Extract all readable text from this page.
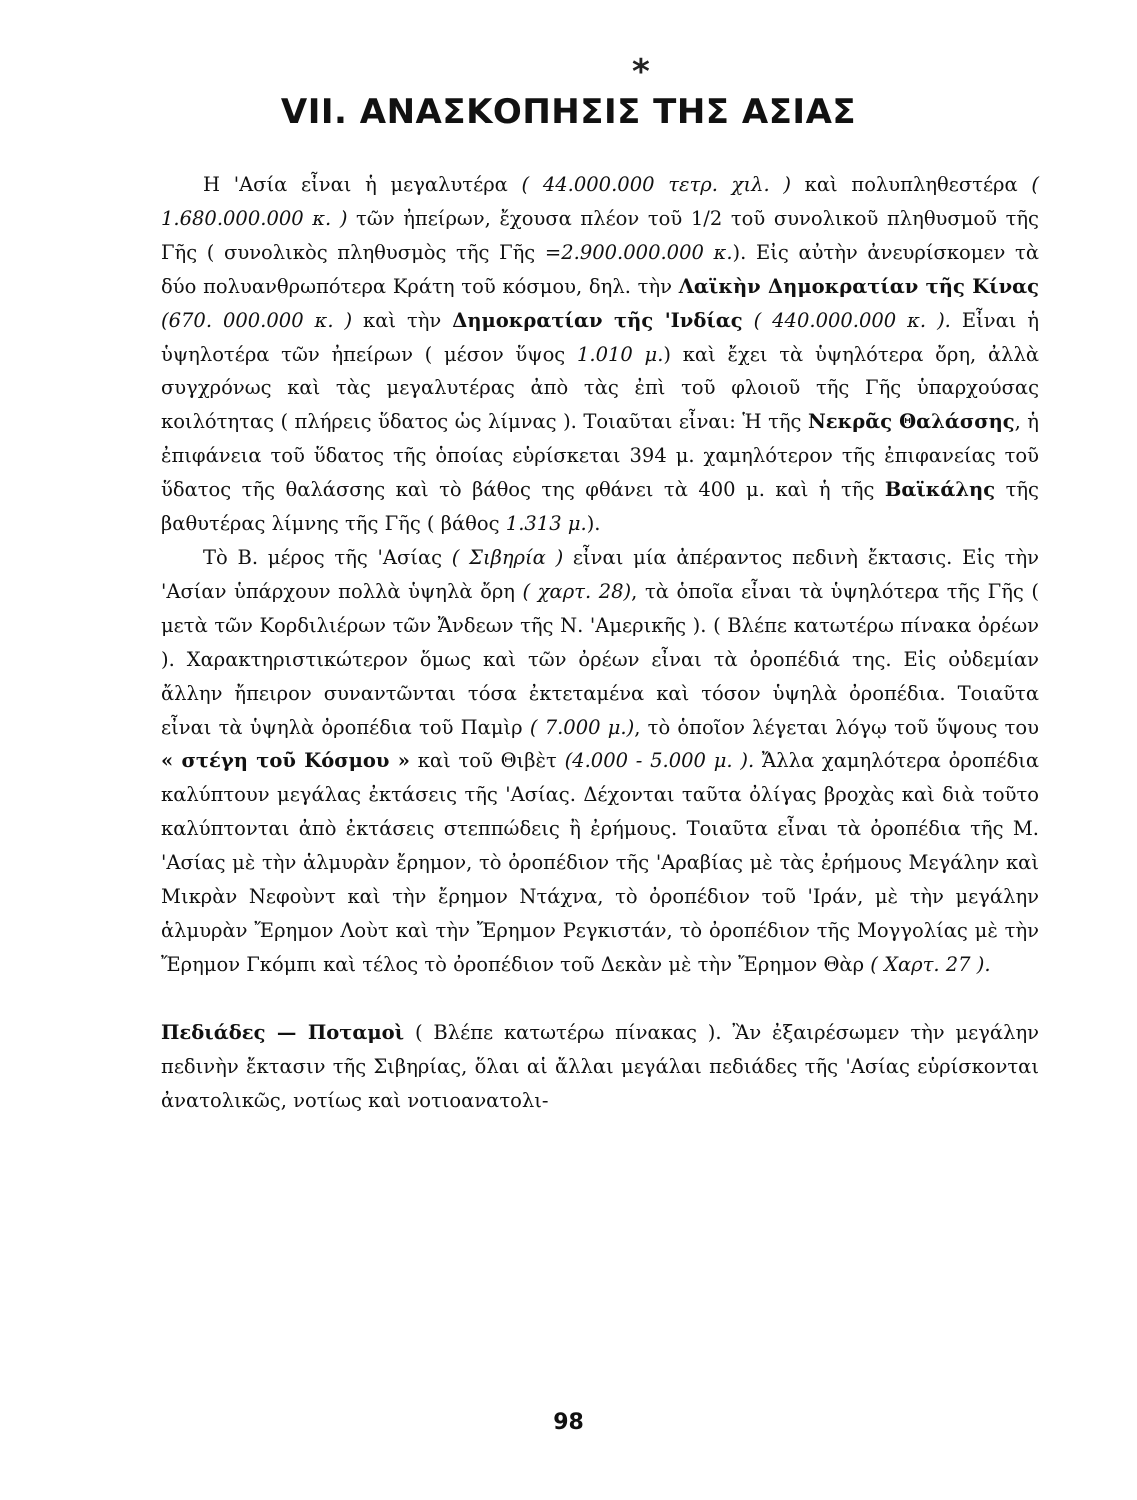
*
VII. ΑΝΑΣΚΟΠΗΣΙΣ ΤΗΣ ΑΣΙΑΣ

Η 'Ασία εἶναι ἡ μεγαλυτέρα ( 44.000.000 τετρ. χιλ. ) καὶ πολυπληθεστέρα ( 1.680.000.000 κ. ) τῶν ἠπείρων, ἔχουσα πλέον τοῦ 1/2 τοῦ συνολικοῦ πληθυσμοῦ τῆς Γῆς ( συνολικὸς πληθυσμὸς τῆς Γῆς =2.900.000.000 κ.). Εἰς αὐτὴν ἀνευρίσκομεν τὰ δύο πολυανθρωπότερα Κράτη τοῦ κόσμου, δηλ. τὴν Λαϊκὴν Δημοκρατίαν τῆς Κίνας (670. 000.000 κ. ) καὶ τὴν Δημοκρατίαν τῆς 'Ινδίας ( 440.000.000 κ. ). Εἶναι ἡ ὑψηλοτέρα τῶν ἠπείρων ( μέσον ὕψος 1.010 μ.) καὶ ἔχει τὰ ὑψηλότερα ὄρη, ἀλλὰ συγχρόνως καὶ τὰς μεγαλυτέρας ἀπὸ τὰς ἐπὶ τοῦ φλοιοῦ τῆς Γῆς ὑπαρχούσας κοιλότητας ( πλήρεις ὕδατος ὡς λίμνας ). Τοιαῦται εἶναι: Ἡ τῆς Νεκρᾶς Θαλάσσης, ἡ ἐπιφάνεια τοῦ ὕδατος τῆς ὁποίας εὑρίσκεται 394 μ. χαμηλότερον τῆς ἐπιφανείας τοῦ ὕδατος τῆς θαλάσσης καὶ τὸ βάθος της φθάνει τὰ 400 μ. καὶ ἡ τῆς Βαϊκάλης τῆς βαθυτέρας λίμνης τῆς Γῆς ( βάθος 1.313 μ.).

Τὸ Β. μέρος τῆς 'Ασίας ( Σιβηρία ) εἶναι μία ἀπέραντος πεδινὴ ἔκτασις. Εἰς τὴν 'Ασίαν ὑπάρχουν πολλὰ ὑψηλὰ ὄρη ( χαρτ. 28), τὰ ὁποῖα εἶναι τὰ ὑψηλότερα τῆς Γῆς ( μετὰ τῶν Κορδιλιέρων τῶν Ἄνδεων τῆς Ν. 'Αμερικῆς ). ( Βλέπε κατωτέρω πίνακα ὀρέων ). Χαρακτηριστικώτερον ὅμως καὶ τῶν ὀρέων εἶναι τὰ ὀροπέδιά της. Εἰς οὐδεμίαν ἄλλην ἤπειρον συναντῶνται τόσα ἐκτεταμένα καὶ τόσον ὑψηλὰ ὀροπέδια. Τοιαῦτα εἶναι τὰ ὑψηλὰ ὀροπέδια τοῦ Παμὶρ ( 7.000 μ.), τὸ ὁποῖον λέγεται λόγῳ τοῦ ὕψους του « στέγη τοῦ Κόσμου » καὶ τοῦ Θιβὲτ (4.000 - 5.000 μ. ). Ἄλλα χαμηλότερα ὀροπέδια καλύπτουν μεγάλας ἐκτάσεις τῆς 'Ασίας. Δέχονται ταῦτα ὀλίγας βροχὰς καὶ διὰ τοῦτο καλύπτονται ἀπὸ ἐκτάσεις στεππώδεις ἢ ἐρήμους. Τοιαῦτα εἶναι τὰ ὀροπέδια τῆς Μ. 'Ασίας μὲ τὴν ἁλμυρὰν ἔρημον, τὸ ὀροπέδιον τῆς 'Αραβίας μὲ τὰς ἐρήμους Μεγάλην καὶ Μικρὰν Νεφοὺντ καὶ τὴν ἔρημον Ντάχνα, τὸ ὀροπέδιον τοῦ 'Ιράν, μὲ τὴν μεγάλην ἁλμυρὰν Ἔρημον Λοὺτ καὶ τὴν Ἔρημον Ρεγκιστάν, τὸ ὀροπέδιον τῆς Μογγολίας μὲ τὴν Ἔρημον Γκόμπι καὶ τέλος τὸ ὀροπέδιον τοῦ Δεκὰν μὲ τὴν Ἔρημον Θὰρ ( Χαρτ. 27 ).

Πεδιάδες — Ποταμοὶ ( Βλέπε κατωτέρω πίνακας ). Ἂν ἐξαιρέσωμεν τὴν μεγάλην πεδινὴν ἔκτασιν τῆς Σιβηρίας, ὅλαι αἱ ἄλλαι μεγάλαι πεδιάδες τῆς 'Ασίας εὑρίσκονται ἀνατολικῶς, νοτίως καὶ νοτιοανατολι-

98
